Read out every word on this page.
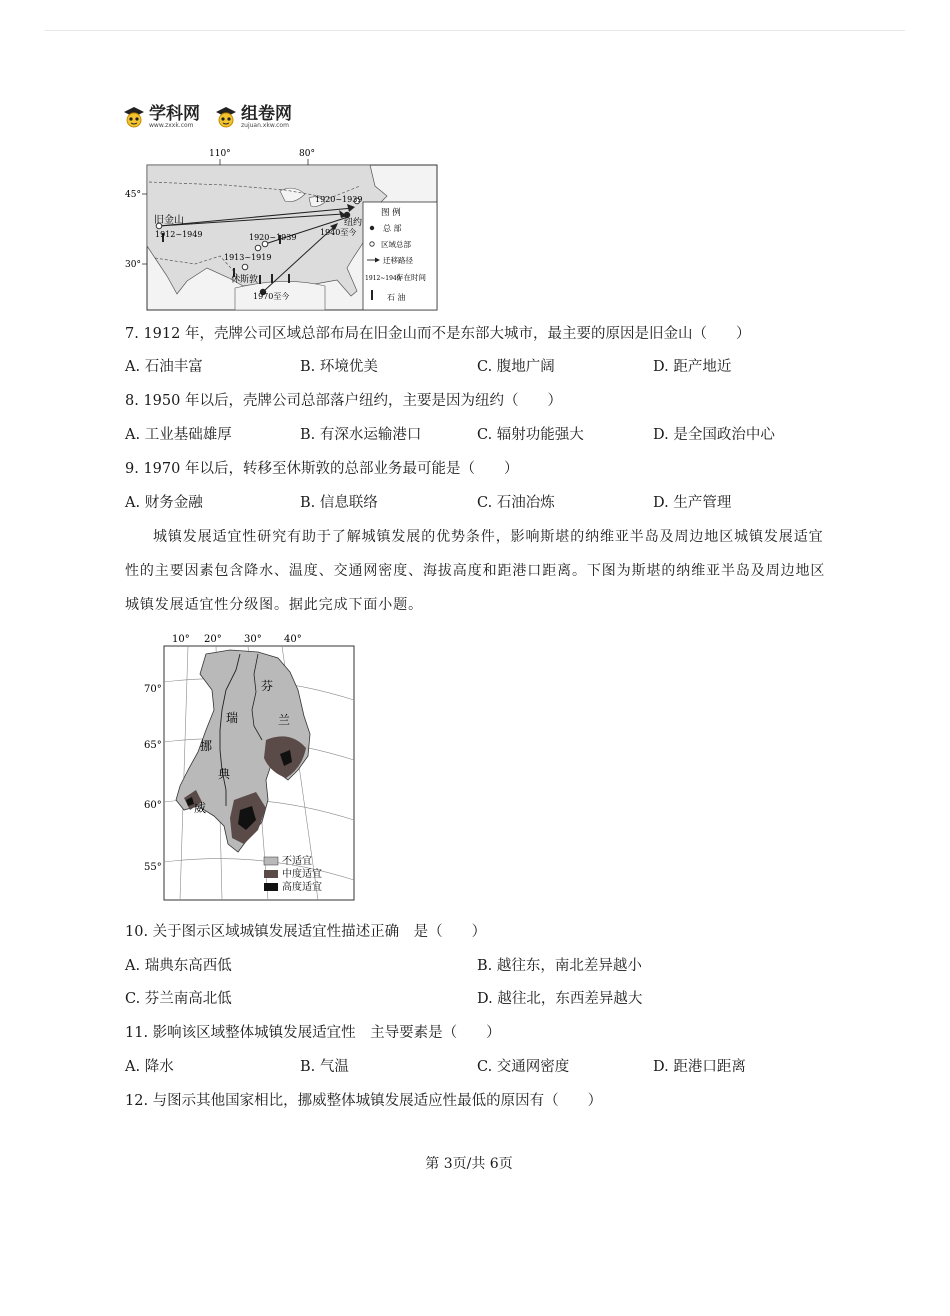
学科网
www.zxxk.com
组卷网
zujuan.xkw.com
110°	80°
45°
30°
旧金山
1912~1949
1920~1939
1920~1939
1913~1919
纽约
1940至今
休斯敦
1970至今
图 例
总 部
区域总部
迁移路径
1912~1949
存在时间
石 油
7. 1912 年，壳牌公司区域总部布局在旧金山而不是东部大城市，最主要的原因是旧金山（　　）
A. 石油丰富	B. 环境优美	C. 腹地广阔	D. 距产地近
8. 1950 年以后，壳牌公司总部落户纽约，主要是因为纽约（　　）
A. 工业基础雄厚	B. 有深水运输港口	C. 辐射功能强大	D. 是全国政治中心
9. 1970 年以后，转移至休斯敦的总部业务最可能是（　　）
A. 财务金融	B. 信息联络	C. 石油冶炼	D. 生产管理
城镇发展适宜性研究有助于了解城镇发展的优势条件，影响斯堪的纳维亚半岛及周边地区城镇发展适宜性的主要因素包含降水、温度、交通网密度、海拔高度和距港口距离。下图为斯堪的纳维亚半岛及周边地区城镇发展适宜性分级图。据此完成下面小题。
10° 20° 30° 40°
70°
65°
60°
55°
芬
兰
瑞
典
挪
威
不适宜
中度适宜
高度适宜
10. 关于图示区域城镇发展适宜性描述正确　是（　　）
A. 瑞典东高西低	B. 越往东，南北差异越小
C. 芬兰南高北低	D. 越往北，东西差异越大
11. 影响该区域整体城镇发展适宜性　主导要素是（　　）
A. 降水	B. 气温	C. 交通网密度	D. 距港口距离
12. 与图示其他国家相比，挪威整体城镇发展适应性最低的原因有（　　）
第 3页/共 6页
